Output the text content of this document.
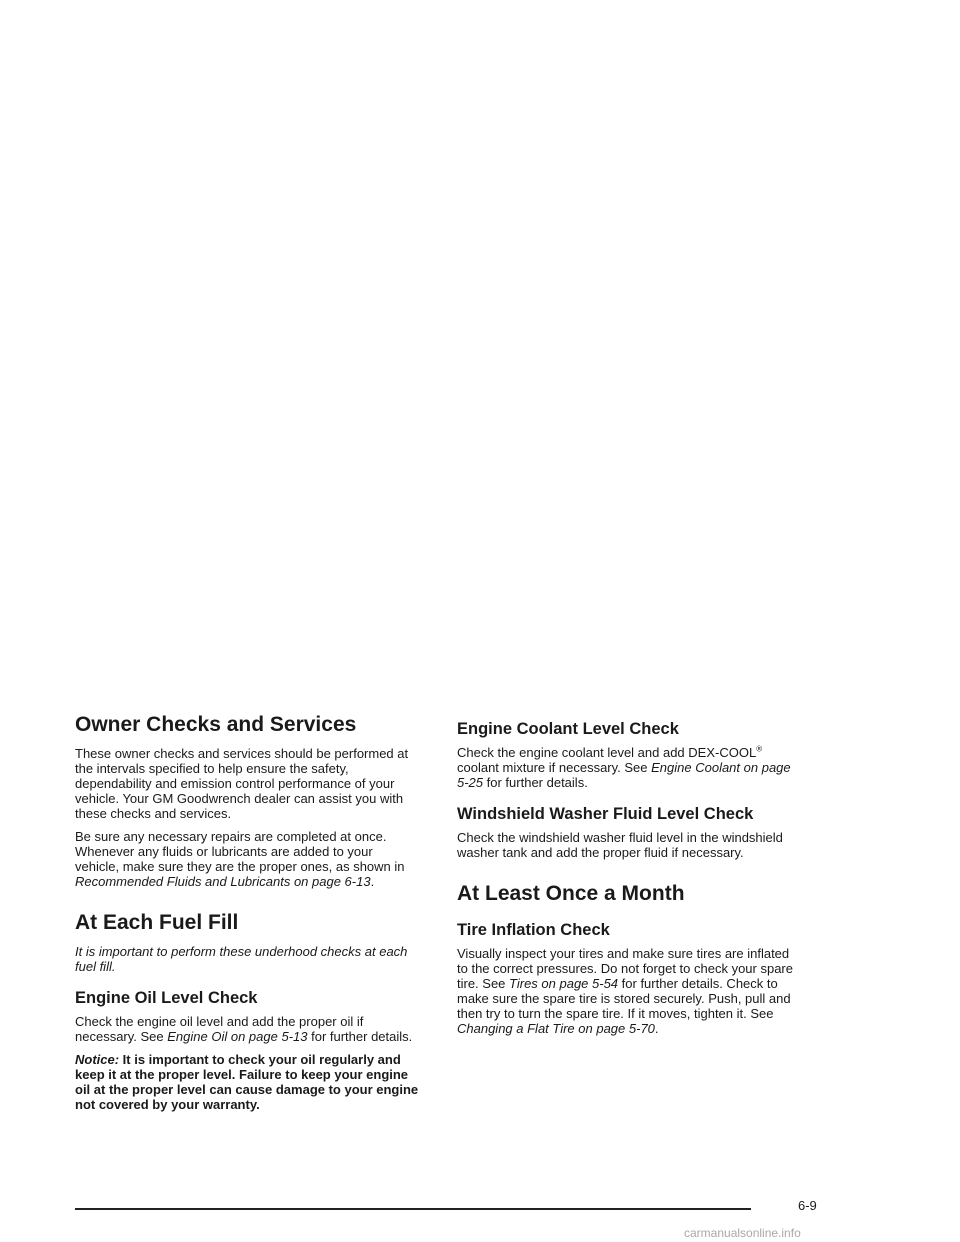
Owner Checks and Services

These owner checks and services should be performed at the intervals specified to help ensure the safety, dependability and emission control performance of your vehicle. Your GM Goodwrench dealer can assist you with these checks and services.

Be sure any necessary repairs are completed at once. Whenever any fluids or lubricants are added to your vehicle, make sure they are the proper ones, as shown in Recommended Fluids and Lubricants on page 6-13.

At Each Fuel Fill

It is important to perform these underhood checks at each fuel fill.

Engine Oil Level Check

Check the engine oil level and add the proper oil if necessary. See Engine Oil on page 5-13 for further details.

Notice: It is important to check your oil regularly and keep it at the proper level. Failure to keep your engine oil at the proper level can cause damage to your engine not covered by your warranty.

Engine Coolant Level Check

Check the engine coolant level and add DEX-COOL® coolant mixture if necessary. See Engine Coolant on page 5-25 for further details.

Windshield Washer Fluid Level Check

Check the windshield washer fluid level in the windshield washer tank and add the proper fluid if necessary.

At Least Once a Month
Tire Inflation Check

Visually inspect your tires and make sure tires are inflated to the correct pressures. Do not forget to check your spare tire. See Tires on page 5-54 for further details. Check to make sure the spare tire is stored securely. Push, pull and then try to turn the spare tire. If it moves, tighten it. See Changing a Flat Tire on page 5-70.

6-9
carmanualsonline.info
